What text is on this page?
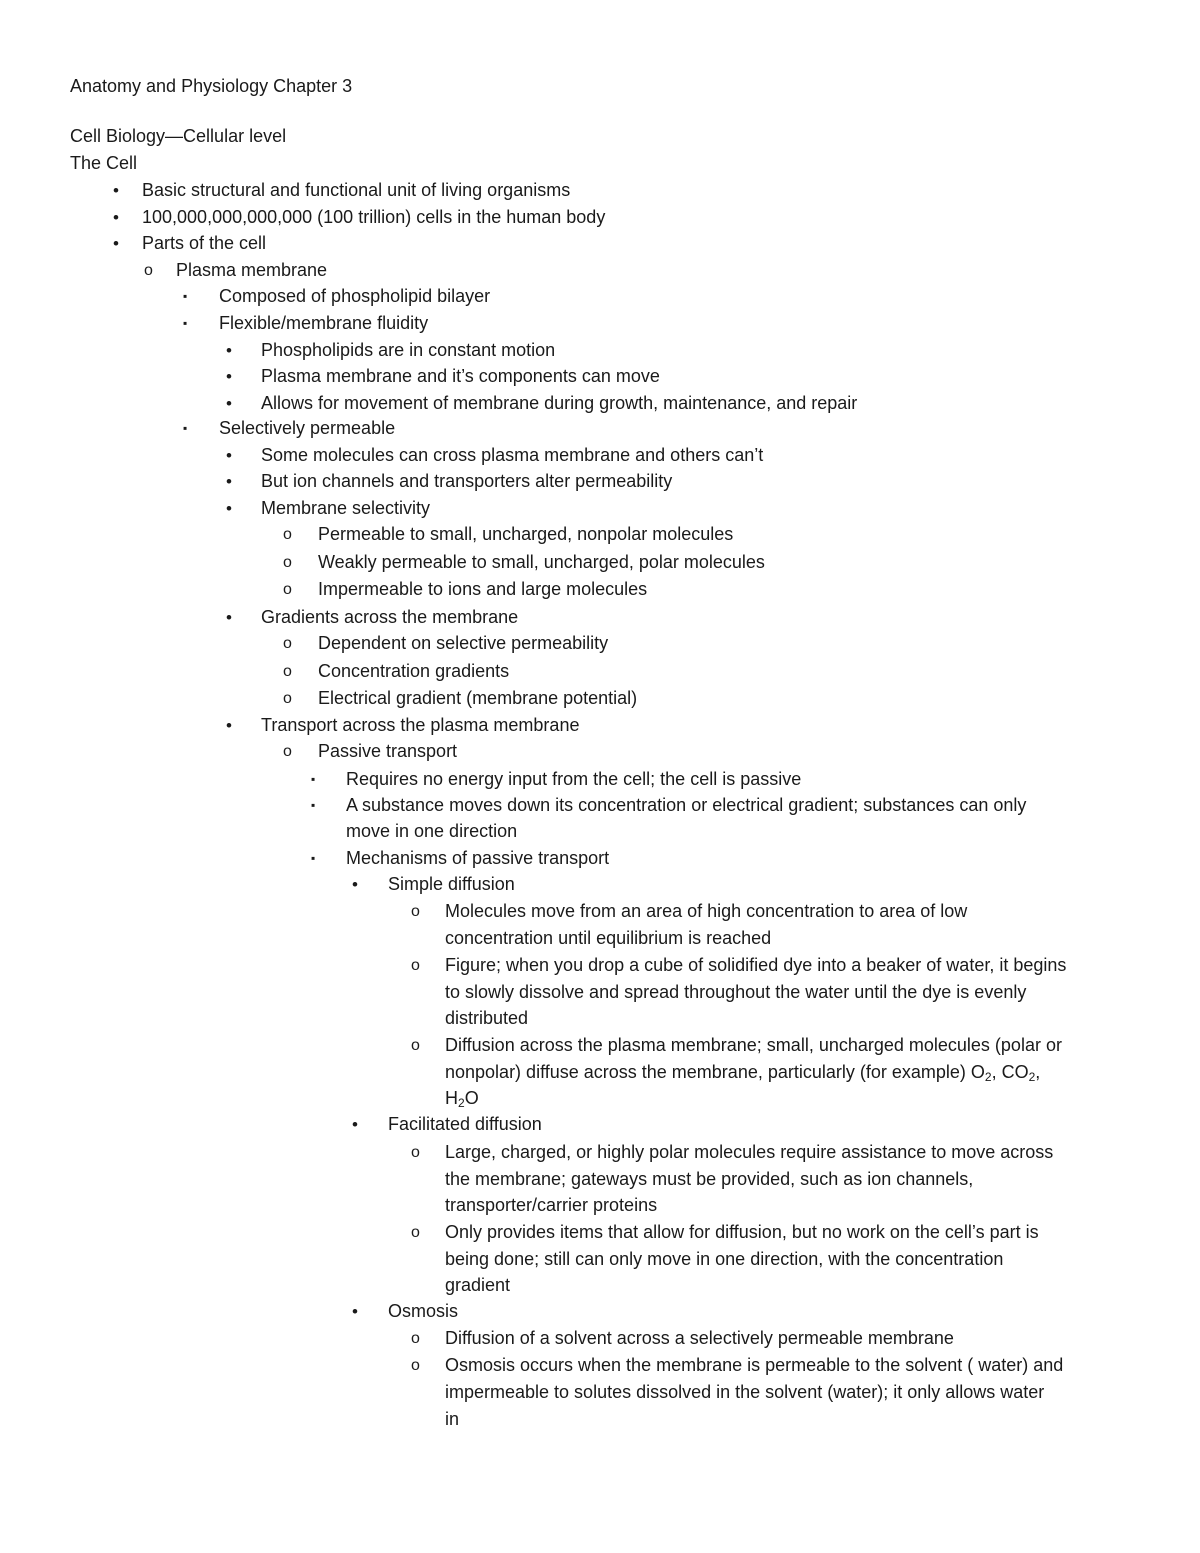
Anatomy and Physiology Chapter 3
Cell Biology—Cellular level
The Cell
Basic structural and functional unit of living organisms
•
100,000,000,000,000 (100 trillion) cells in the human body
•
Parts of the cell
•
Plasma membrane
o
Composed of phospholipid bilayer
▪
Flexible/membrane fluidity
▪
Phospholipids are in constant motion
•
Plasma membrane and it’s components can move
•
Allows for movement of membrane during growth, maintenance, and repair
•
Selectively permeable
▪
Some molecules can cross plasma membrane and others can’t
•
But ion channels and transporters alter permeability
•
Membrane selectivity
•
Permeable to small, uncharged, nonpolar molecules
o
Weakly permeable to small, uncharged, polar molecules
o
Impermeable to ions and large molecules
o
Gradients across the membrane
•
Dependent on selective permeability
o
Concentration gradients
o
Electrical gradient (membrane potential)
o
Transport across the plasma membrane
•
Passive transport
o
Requires no energy input from the cell; the cell is passive
▪
A substance moves down its concentration or electrical gradient; substances can only
▪
move in one direction
Mechanisms of passive transport
▪
Simple diffusion
•
Molecules move from an area of high concentration to area of low
o
concentration until equilibrium is reached
Figure; when you drop a cube of solidified dye into a beaker of water, it begins
o
to slowly dissolve and spread throughout the water until the dye is evenly
distributed
Diffusion across the plasma membrane; small, uncharged molecules (polar or
o
nonpolar) diffuse across the membrane, particularly (for example) $O_2$, $CO_2$,
$H_2O$
Facilitated diffusion
•
Large, charged, or highly polar molecules require assistance to move across
o
the membrane; gateways must be provided, such as ion channels,
transporter/carrier proteins
Only provides items that allow for diffusion, but no work on the cell’s part is
o
being done; still can only move in one direction, with the concentration
gradient
Osmosis
•
Diffusion of a solvent across a selectively permeable membrane
o
Osmosis occurs when the membrane is permeable to the solvent ( water) and
o
impermeable to solutes dissolved in the solvent (water); it only allows water
in
